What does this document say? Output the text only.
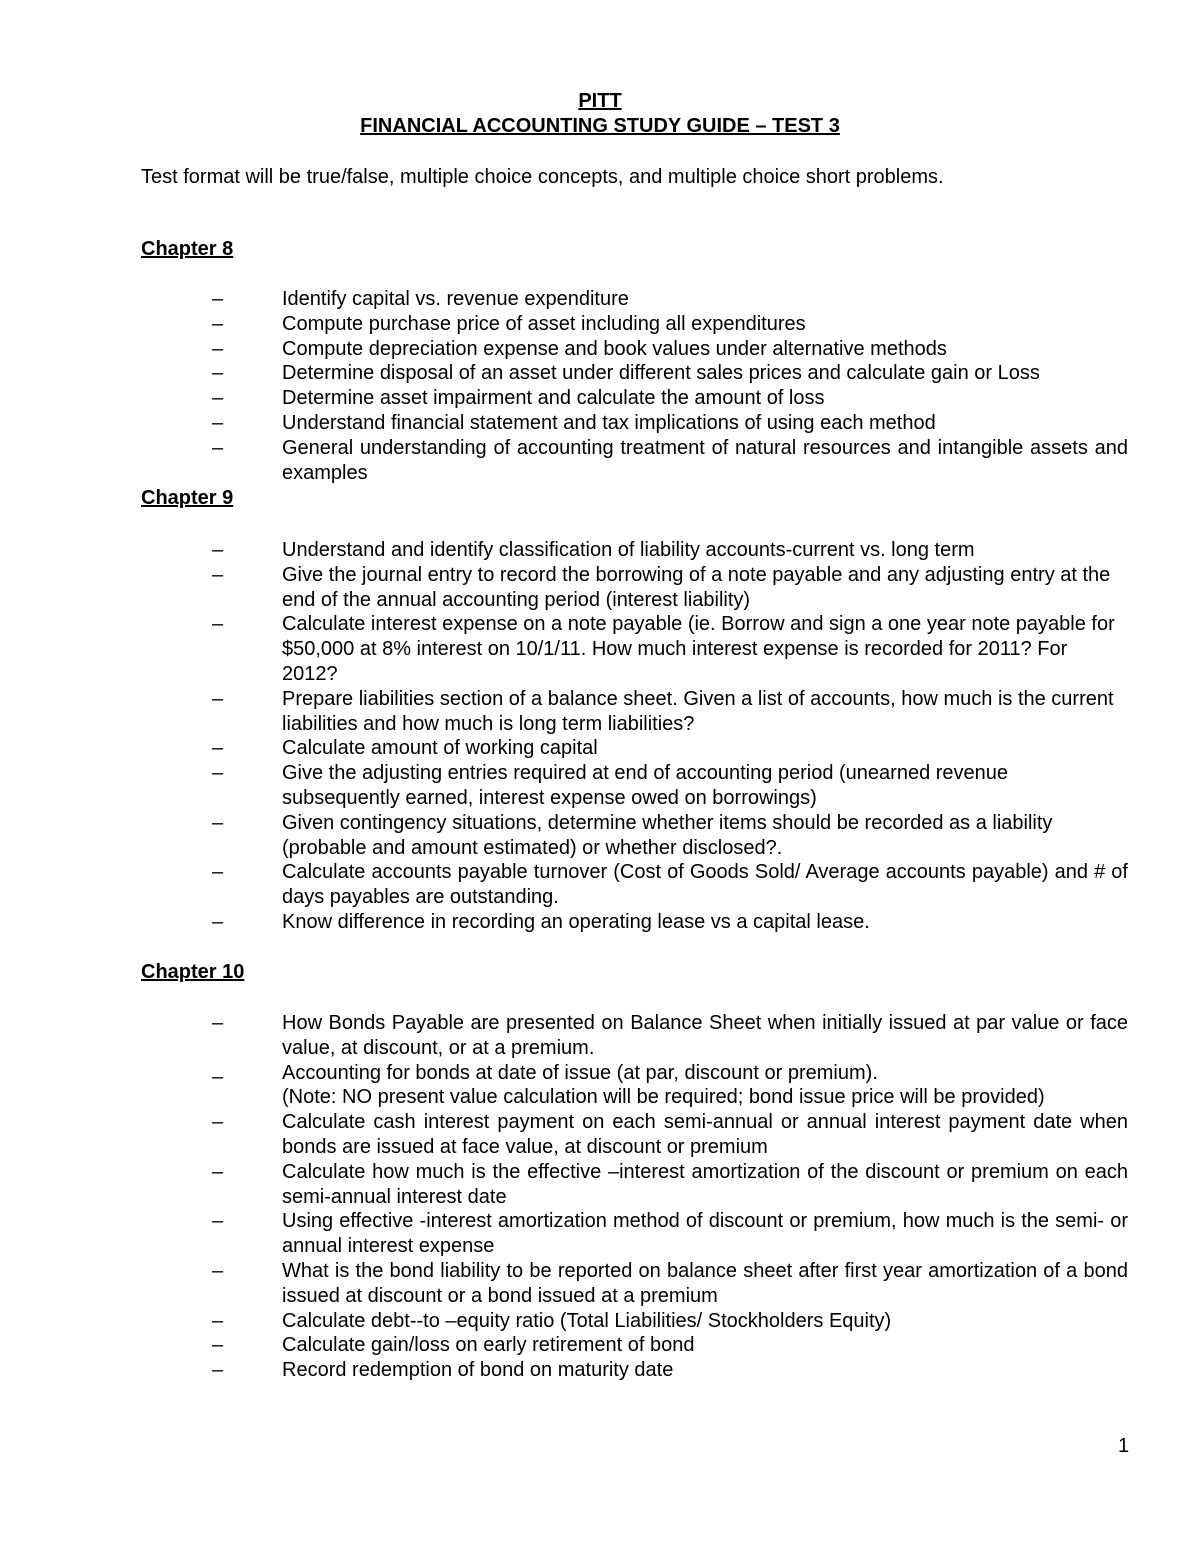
PITT
FINANCIAL ACCOUNTING STUDY GUIDE – TEST 3
Test format will be true/false, multiple choice concepts, and multiple choice short problems.
Chapter 8
–	Identify capital vs. revenue expenditure
–	Compute purchase price of asset including all expenditures
–	Compute depreciation expense and book values under alternative methods
–	Determine disposal of an asset under different sales prices and calculate gain or Loss
–	Determine asset impairment and calculate the amount of loss
–	Understand financial statement and tax implications of using each method
–	General understanding of accounting treatment of natural resources and intangible assets and examples
Chapter 9
–	Understand and identify classification of liability accounts-current vs. long term
–	Give the journal entry to record the borrowing of a note payable and any adjusting entry at the end of the annual accounting period (interest liability)
–	Calculate interest expense on a note payable (ie. Borrow and sign a one year note payable for $50,000 at 8% interest on 10/1/11. How much interest expense is recorded for 2011? For 2012?
–	Prepare liabilities section of a balance sheet. Given a list of accounts, how much is the current liabilities and how much is long term liabilities?
–	Calculate amount of working capital
–	Give the adjusting entries required at end of accounting period (unearned revenue subsequently earned, interest expense owed on borrowings)
–	Given contingency situations, determine whether items should be recorded as a liability (probable and amount estimated) or whether disclosed?.
–	Calculate accounts payable turnover (Cost of Goods Sold/ Average accounts payable) and # of days payables are outstanding.
–	Know difference in recording an operating lease vs a capital lease.
Chapter 10
–	How Bonds Payable are presented on Balance Sheet when initially issued at par value or face value, at discount, or at a premium.
–	Accounting for bonds at date of issue (at par, discount or premium).
(Note: NO present value calculation will be required; bond issue price will be provided)
–	Calculate cash interest payment on each semi-annual or annual interest payment date when bonds are issued at face value, at discount or premium
–	Calculate how much is the effective –interest amortization of the discount or premium on each semi-annual interest date
–	Using effective -interest amortization method of discount or premium, how much is the semi- or annual interest expense
–	What is the bond liability to be reported on balance sheet after first year amortization of a bond issued at discount or a bond issued at a premium
–	Calculate debt--to –equity ratio (Total Liabilities/ Stockholders Equity)
–	Calculate gain/loss on early retirement of bond
–	Record redemption of bond on maturity date
1
